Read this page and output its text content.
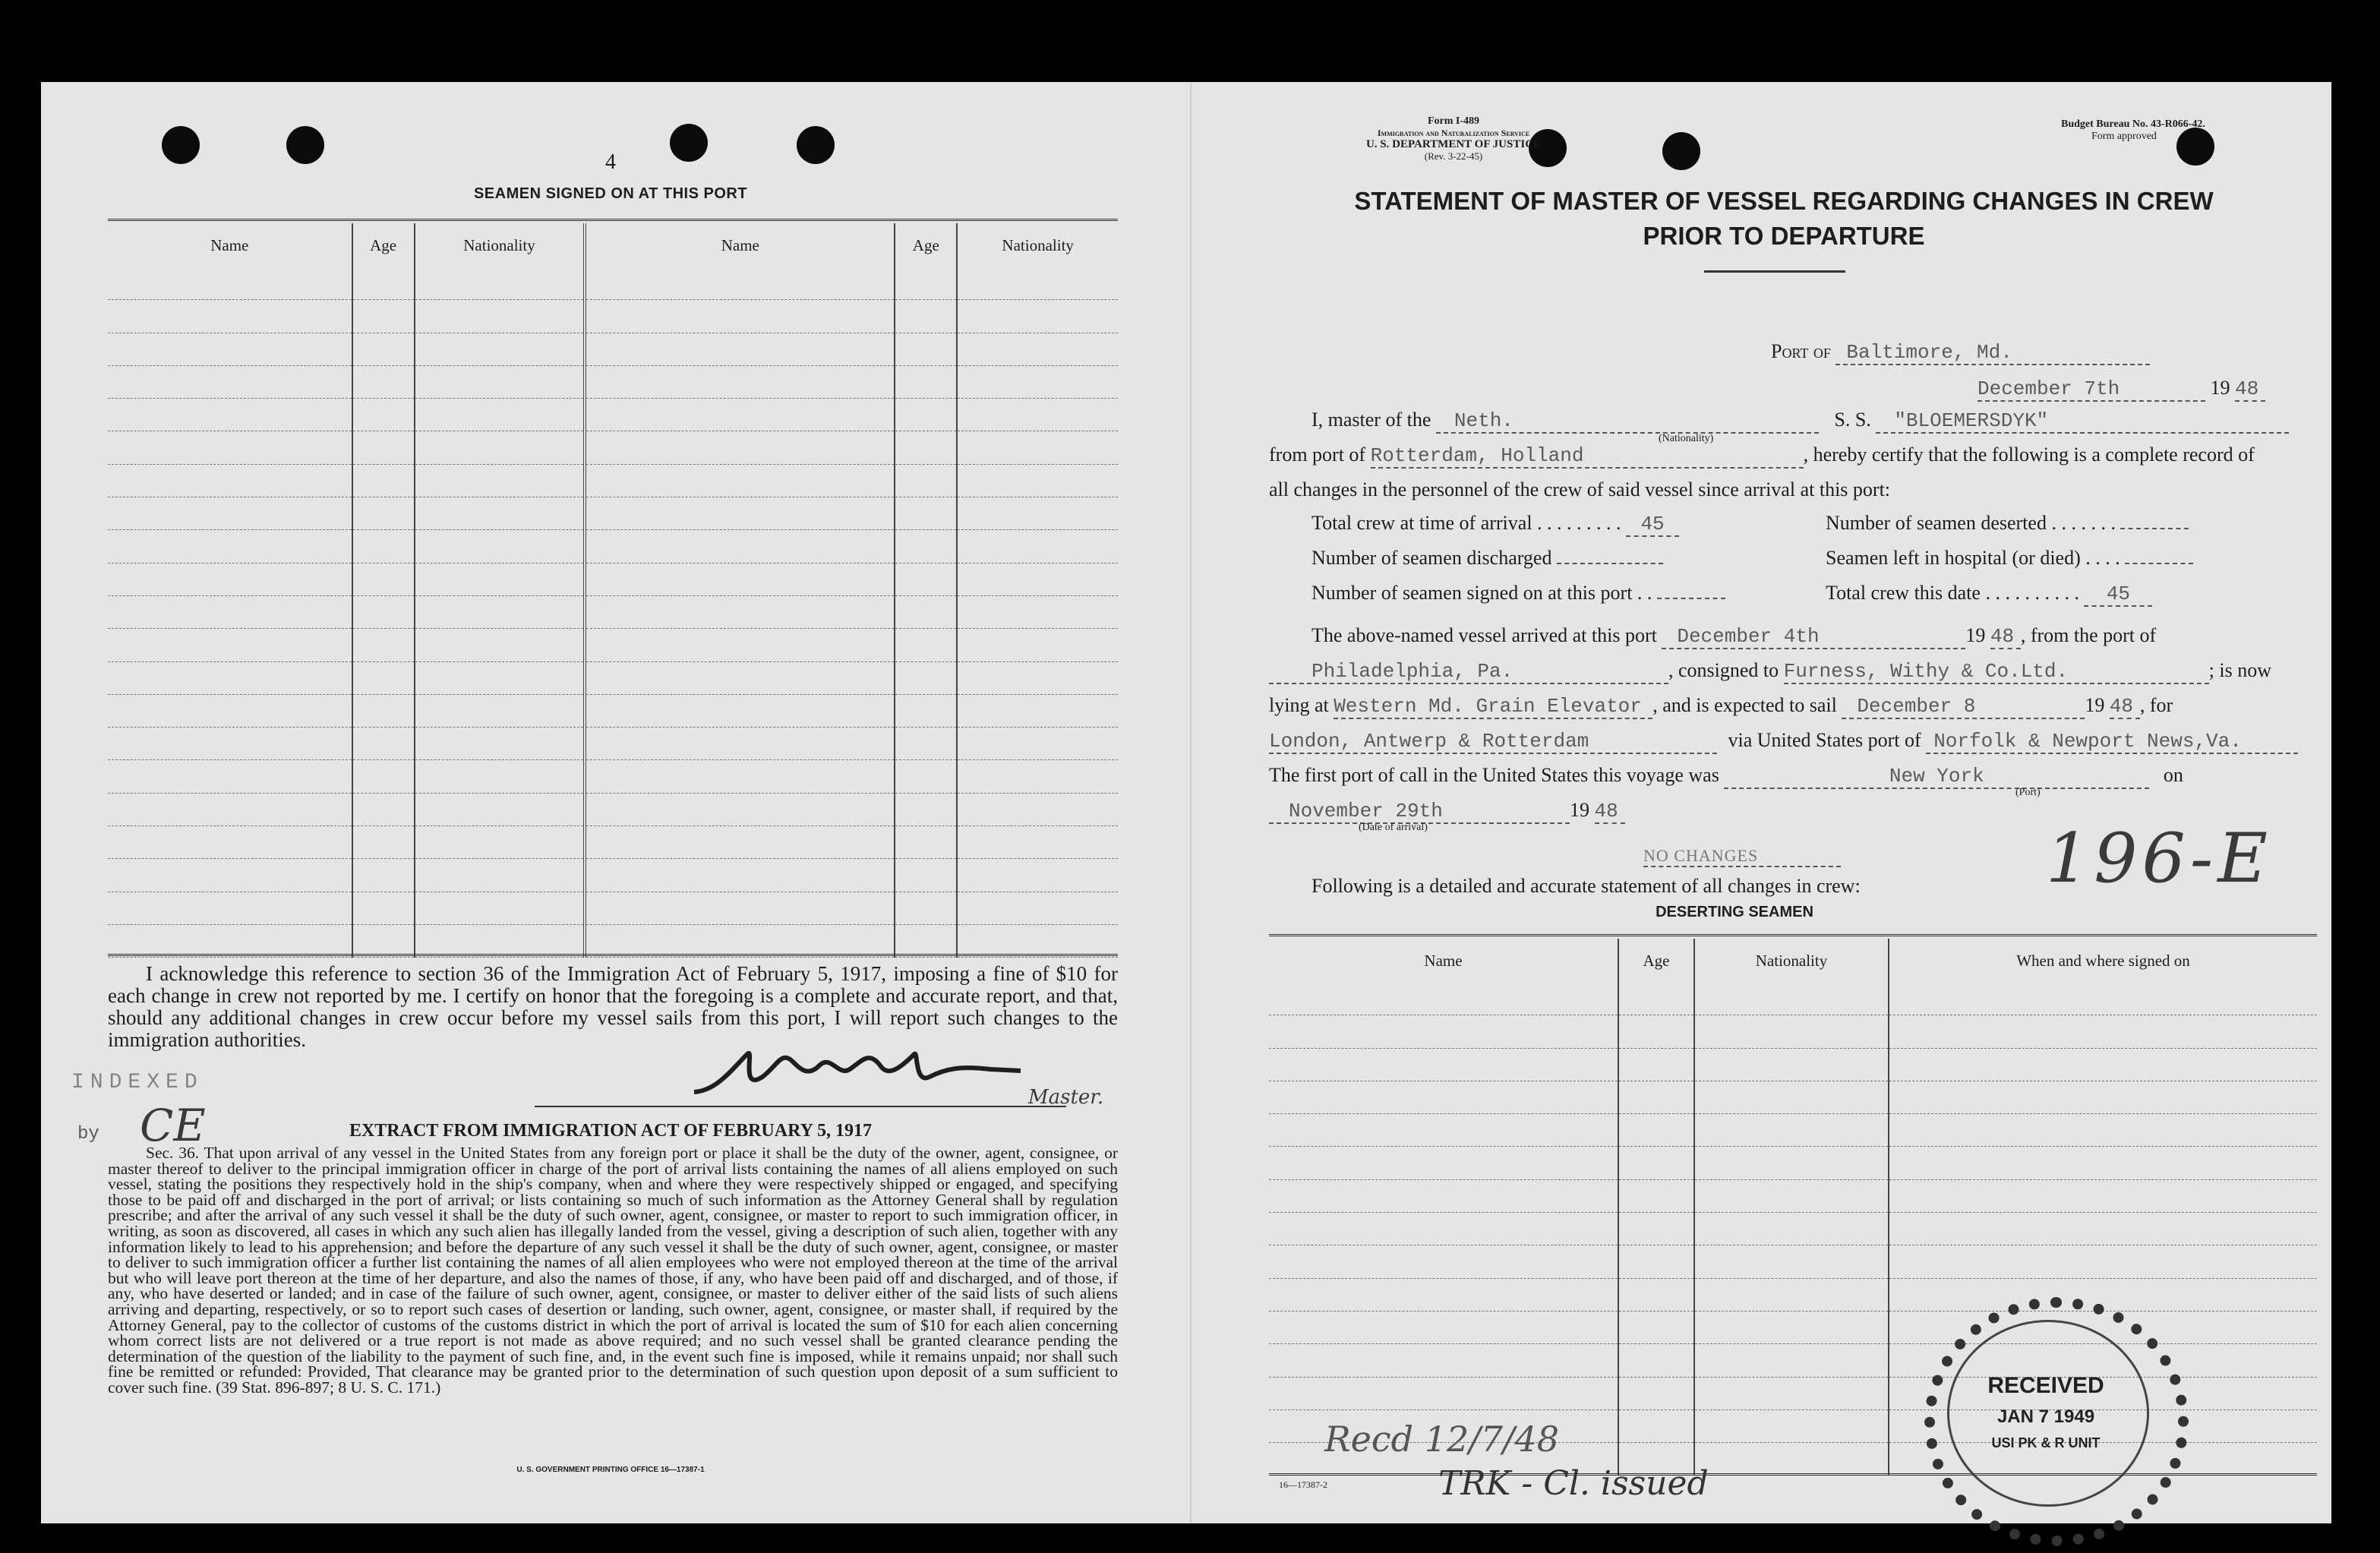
4
SEAMEN SIGNED ON AT THIS PORT
Name	Age	Nationality	Name	Age	Nationality

I acknowledge this reference to section 36 of the Immigration Act of February 5, 1917, imposing a fine of $10 for each change in crew not reported by me. I certify on honor that the foregoing is a complete and accurate report, and that, should any additional changes in crew occur before my vessel sails from this port, I will report such changes to the immigration authorities.
INDEXED
by CE
Master.
EXTRACT FROM IMMIGRATION ACT OF FEBRUARY 5, 1917
Sec. 36. That upon arrival of any vessel in the United States from any foreign port or place it shall be the duty of the owner, agent, consignee, or master thereof to deliver to the principal immigration officer in charge of the port of arrival lists containing the names of all aliens employed on such vessel, stating the positions they respectively hold in the ship's company, when and where they were respectively shipped or engaged, and specifying those to be paid off and discharged in the port of arrival; or lists containing so much of such information as the Attorney General shall by regulation prescribe; and after the arrival of any such vessel it shall be the duty of such owner, agent, consignee, or master to report to such immigration officer, in writing, as soon as discovered, all cases in which any such alien has illegally landed from the vessel, giving a description of such alien, together with any information likely to lead to his apprehension; and before the departure of any such vessel it shall be the duty of such owner, agent, consignee, or master to deliver to such immigration officer a further list containing the names of all alien employees who were not employed thereon at the time of the arrival but who will leave port thereon at the time of her departure, and also the names of those, if any, who have been paid off and discharged, and of those, if any, who have deserted or landed; and in case of the failure of such owner, agent, consignee, or master to deliver either of the said lists of such aliens arriving and departing, respectively, or so to report such cases of desertion or landing, such owner, agent, consignee, or master shall, if required by the Attorney General, pay to the collector of customs of the customs district in which the port of arrival is located the sum of $10 for each alien concerning whom correct lists are not delivered or a true report is not made as above required; and no such vessel shall be granted clearance pending the determination of the question of the liability to the payment of such fine, and, in the event such fine is imposed, while it remains unpaid; nor shall such fine be remitted or refunded: Provided, That clearance may be granted prior to the determination of such question upon deposit of a sum sufficient to cover such fine. (39 Stat. 896-897; 8 U. S. C. 171.)
U. S. GOVERNMENT PRINTING OFFICE 16—17387-1
Form I-489
Immigration and Naturalization Service
U. S. DEPARTMENT OF JUSTICE
(Rev. 3-22-45)
Budget Bureau No. 43-R066-42.
Form approved
STATEMENT OF MASTER OF VESSEL REGARDING CHANGES IN CREW
PRIOR TO DEPARTURE
Port of Baltimore, Md.
December 7th	19 48
I, master of the Neth.	S. S. "BLOEMERSDYK"
(Nationality)
from port of Rotterdam, Holland	, hereby certify that the following is a complete record of
all changes in the personnel of the crew of said vessel since arrival at this port:
Total crew at time of arrival . . . . . . . . . 45	Number of seamen deserted . . . . . . .
Number of seamen discharged	Seamen left in hospital (or died) . . . .
Number of seamen signed on at this port . .	Total crew this date . . . . . . . . . . 45
The above-named vessel arrived at this port December 4th	19 48 , from the port of
Philadelphia, Pa.	, consigned to Furness, Withy & Co.Ltd.	; is now
lying at Western Md. Grain Elevator , and is expected to sail December 8	19 48 , for
London, Antwerp & Rotterdam	via United States port of Norfolk & Newport News,Va.
The first port of call in the United States this voyage was	New York	on
(Port)
November 29th	19 48
(Date of arrival)
NO CHANGES	196-E
Following is a detailed and accurate statement of all changes in crew:
DESERTING SEAMEN
Name	Age	Nationality	When and where signed on

RECEIVED
JAN 7 1949
USI PK & R UNIT
Recd 12/7/48
16—17387-2	TRK - Cl. issued
